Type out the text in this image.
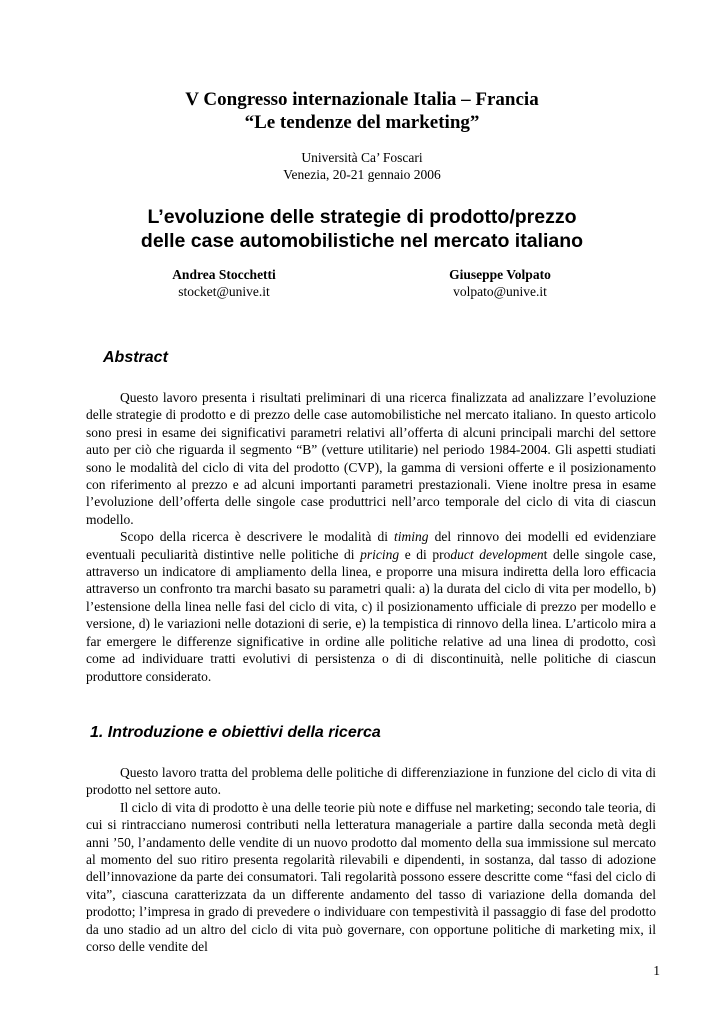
V Congresso internazionale Italia – Francia
“Le tendenze del marketing”
Università Ca’ Foscari
Venezia, 20-21 gennaio 2006
L’evoluzione delle strategie di prodotto/prezzo
delle case automobilistiche nel mercato italiano
Andrea Stocchetti
stocket@unive.it
Giuseppe Volpato
volpato@unive.it
Abstract

Questo lavoro presenta i risultati preliminari di una ricerca finalizzata ad analizzare l’evoluzione delle strategie di prodotto e di prezzo delle case automobilistiche nel mercato italiano. In questo articolo sono presi in esame dei significativi parametri relativi all’offerta di alcuni principali marchi del settore auto per ciò che riguarda il segmento “B” (vetture utilitarie) nel periodo 1984-2004. Gli aspetti studiati sono le modalità del ciclo di vita del prodotto (CVP), la gamma di versioni offerte e il posizionamento con riferimento al prezzo e ad alcuni importanti parametri prestazionali. Viene inoltre presa in esame l’evoluzione dell’offerta delle singole case produttrici nell’arco temporale del ciclo di vita di ciascun modello.

Scopo della ricerca è descrivere le modalità di timing del rinnovo dei modelli ed evidenziare eventuali peculiarità distintive nelle politiche di pricing e di product development delle singole case, attraverso un indicatore di ampliamento della linea, e proporre una misura indiretta della loro efficacia attraverso un confronto tra marchi basato su parametri quali: a) la durata del ciclo di vita per modello, b) l’estensione della linea nelle fasi del ciclo di vita, c) il posizionamento ufficiale di prezzo per modello e versione, d) le variazioni nelle dotazioni di serie, e) la tempistica di rinnovo della linea. L’articolo mira a far emergere le differenze significative in ordine alle politiche relative ad una linea di prodotto, così come ad individuare tratti evolutivi di persistenza o di di discontinuità, nelle politiche di ciascun produttore considerato.

1. Introduzione e obiettivi della ricerca

Questo lavoro tratta del problema delle politiche di differenziazione in funzione del ciclo di vita di prodotto nel settore auto.

Il ciclo di vita di prodotto è una delle teorie più note e diffuse nel marketing; secondo tale teoria, di cui si rintracciano numerosi contributi nella letteratura manageriale a partire dalla seconda metà degli anni ’50, l’andamento delle vendite di un nuovo prodotto dal momento della sua immissione sul mercato al momento del suo ritiro presenta regolarità rilevabili e dipendenti, in sostanza, dal tasso di adozione dell’innovazione da parte dei consumatori. Tali regolarità possono essere descritte come “fasi del ciclo di vita”, ciascuna caratterizzata da un differente andamento del tasso di variazione della domanda del prodotto; l’impresa in grado di prevedere o individuare con tempestività il passaggio di fase del prodotto da uno stadio ad un altro del ciclo di vita può governare, con opportune politiche di marketing mix, il corso delle vendite del

1
